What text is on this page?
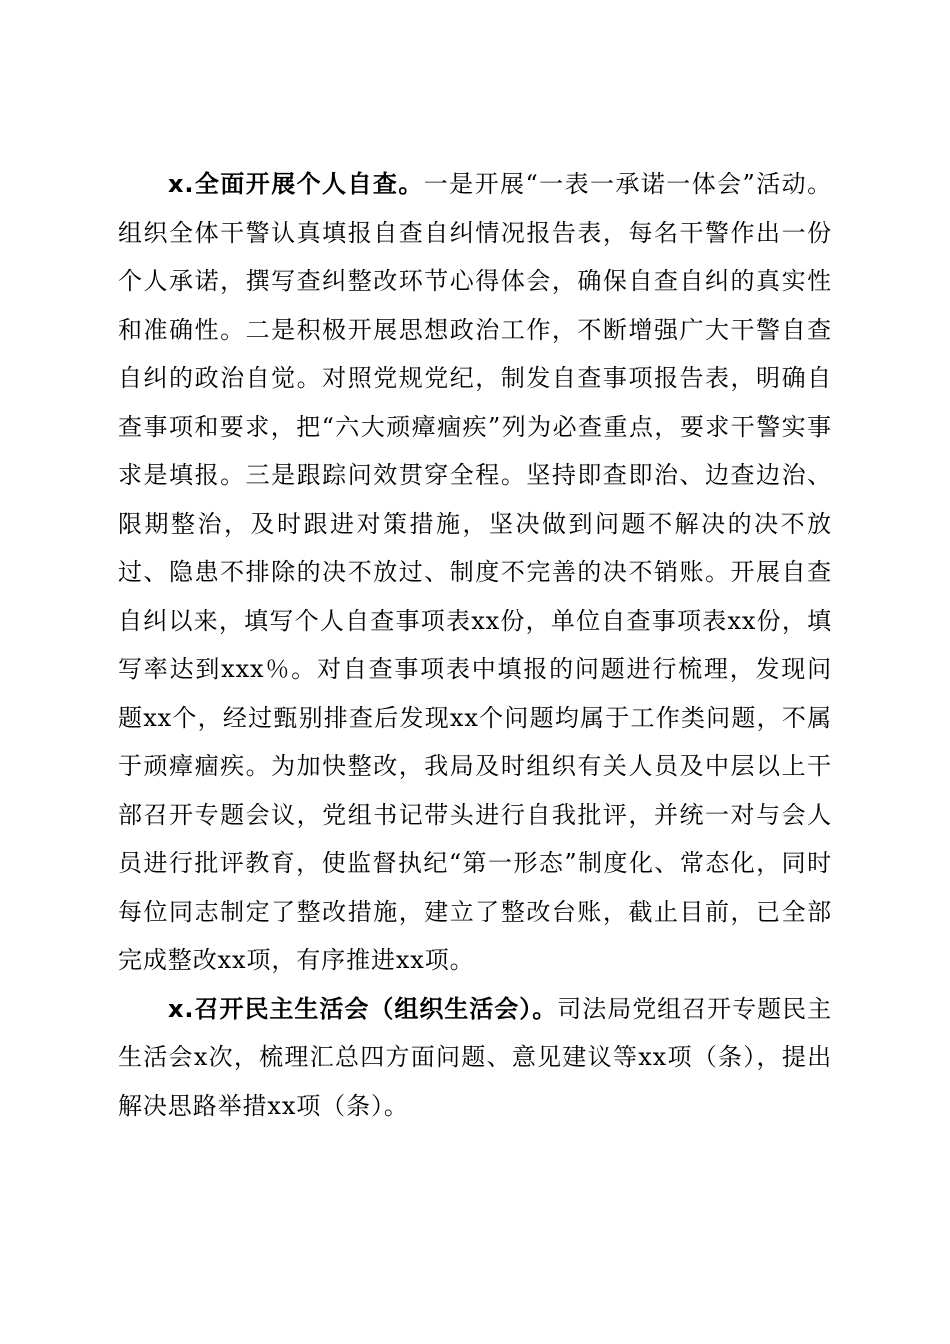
x.全面开展个人自查。一是开展“一表一承诺一体会”活动。组织全体干警认真填报自查自纠情况报告表，每名干警作出一份个人承诺，撰写查纠整改环节心得体会，确保自查自纠的真实性和准确性。二是积极开展思想政治工作，不断增强广大干警自查自纠的政治自觉。对照党规党纪，制发自查事项报告表，明确自查事项和要求，把“六大顽瘴痼疾”列为必查重点，要求干警实事求是填报。三是跟踪问效贯穿全程。坚持即查即治、边查边治、限期整治，及时跟进对策措施，坚决做到问题不解决的决不放过、隐患不排除的决不放过、制度不完善的决不销账。开展自查自纠以来，填写个人自查事项表xx份，单位自查事项表xx份，填写率达到xxx％。对自查事项表中填报的问题进行梳理，发现问题xx个，经过甄别排查后发现xx个问题均属于工作类问题，不属于顽瘴痼疾。为加快整改，我局及时组织有关人员及中层以上干部召开专题会议，党组书记带头进行自我批评，并统一对与会人员进行批评教育，使监督执纪“第一形态”制度化、常态化，同时每位同志制定了整改措施，建立了整改台账，截止目前，已全部完成整改xx项，有序推进xx项。

x.召开民主生活会（组织生活会）。司法局党组召开专题民主生活会x次，梳理汇总四方面问题、意见建议等xx项（条），提出解决思路举措xx项（条）。
